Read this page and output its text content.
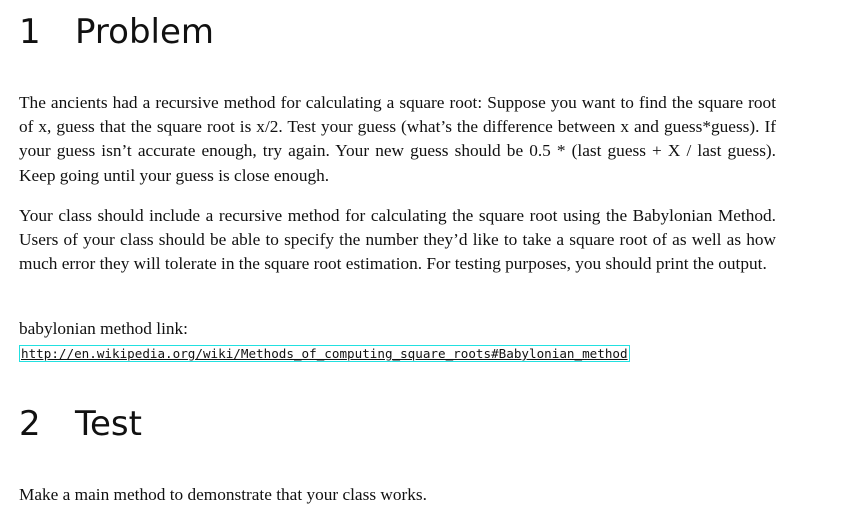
1 Problem

The ancients had a recursive method for calculating a square root: Suppose you want to find the square root of x, guess that the square root is x/2. Test your guess (what’s the difference between x and guess*guess). If your guess isn’t accurate enough, try again. Your new guess should be 0.5 * (last guess + X / last guess). Keep going until your guess is close enough.

Your class should include a recursive method for calculating the square root using the Babylonian Method. Users of your class should be able to specify the number they’d like to take a square root of as well as how much error they will tolerate in the square root estimation. For testing purposes, you should print the output.

babylonian method link:

http://en.wikipedia.org/wiki/Methods_of_computing_square_roots#Babylonian_method
2 Test

Make a main method to demonstrate that your class works.
